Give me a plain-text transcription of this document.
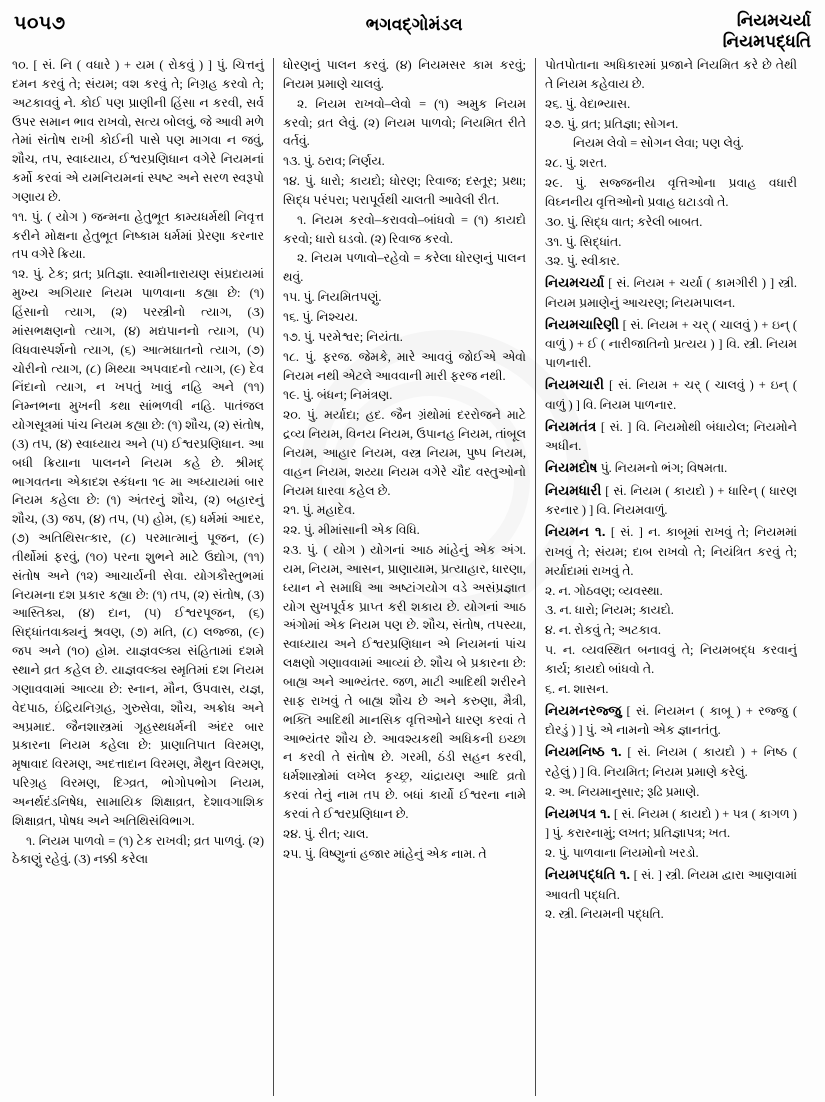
૫૦૫૭	ભગવદ્ગોમંડલ	નિયમચર્યા
નિયમપદ્ધતિ

૧૦. [ સં. નિ ( વધારે ) + યમ ( રોકવું ) ] પું. ચિત્તનું દમન કરવું તે; સંયમ; વશ કરવું તે; નિગ્રહ કરવો તે; અટકાવવું ને. કોઈ પણ પ્રાણીની હિંસા ન કરવી, સર્વ ઉપર સમાન ભાવ રાખવો, સત્ય બોલવું, જે આવી મળે તેમાં સંતોષ રાખી કોઈની પાસે પણ માગવા ન જવું, શૌચ, તપ, સ્વાધ્યાય, ઈશ્વરપ્રણિધાન વગેરે નિયમનાં કર્મો કરવાં એ યમનિયમનાં સ્પષ્ટ અને સરળ સ્વરૂપો ગણાય છે.

૧૧. પું. ( યોગ ) જન્મના હેતુભૂત કામ્યધર્મથી નિવૃત્ત કરીને મોક્ષના હેતુભૂત નિષ્કામ ધર્મમાં પ્રેરણા કરનાર તપ વગેરે ક્રિયા.

૧૨. પું. ટેક; વ્રત; પ્રતિજ્ઞા. સ્વામીનારાયણ સંપ્રદાયમાં મુખ્ય અગિયાર નિયમ પાળવાના કહ્યા છે: (૧) હિંસાનો ત્યાગ, (૨) પરસ્ત્રીનો ત્યાગ, (૩) માંસભક્ષણનો ત્યાગ, (૪) મદ્યપાનનો ત્યાગ, (૫) વિધવાસ્પર્શનો ત્યાગ, (૬) આત્મઘાતનો ત્યાગ, (૭) ચોરીનો ત્યાગ, (૮) મિથ્યા અપવાદનો ત્યાગ, (૯) દેવ નિંદાનો ત્યાગ, ન ખપતું ખાવું નહિ અને (૧૧) નિમ્નભના મુખની કથા સાંભળવી નહિ. પાતંજલ યોગસૂત્રમાં પાંચ નિયમ કહ્યા છે: (૧) શૌચ, (૨) સંતોષ, (૩) તપ, (૪) સ્વાધ્યાય અને (૫) ઈશ્વરપ્રણિધાન. આ બધી ક્રિયાના પાલનને નિયમ કહે છે. શ્રીમદ્ ભાગવતના એકાદશ સ્કંધના ૧૯ મા અધ્યાયમાં બાર નિયમ કહેલા છે: (૧) અંતરનું શૌચ, (૨) બહારનું શૌચ, (૩) જપ, (૪) તપ, (૫) હોમ, (૬) ધર્મમાં આદર, (૭) અતિથિસત્કાર, (૮) પરમાત્માનું પૂજન, (૯) તીર્થોમાં ફરવું, (૧૦) પરના શુભને માટે ઉદ્યોગ, (૧૧) સંતોષ અને (૧૨) આચાર્યની સેવા. યોગકૌસ્તુભમાં નિયમના દશ પ્રકાર કહ્યા છે: (૧) તપ, (૨) સંતોષ, (૩) આસ્તિક્ય, (૪) દાન, (૫) ઈશ્વરપૂજન, (૬) સિદ્ધાંતવાક્યનું શ્રવણ, (૭) મતિ, (૮) લજ્જા, (૯) જપ અને (૧૦) હોમ. યાજ્ઞવલ્ક્ય સંહિતામાં દશમે સ્થાને વ્રત કહેલ છે. યાજ્ઞવલ્ક્ય સ્મૃતિમાં દશ નિયમ ગણાવવામાં આવ્યા છે: સ્નાન, મૌન, ઉપવાસ, યજ્ઞ, વેદપાઠ, ઇંદ્રિયનિગ્રહ, ગુરુસેવા, શૌચ, અક્રોધ અને અપ્રમાદ. જૈનશાસ્ત્રમાં ગૃહસ્થધર્મની અંદર બાર પ્રકારના નિયમ કહેલા છે: પ્રાણાતિપાત વિરમણ, મૃષાવાદ વિરમણ, અદત્તાદાન વિરમણ, મૈથુન વિરમણ, પરિગ્રહ વિરમણ, દિગ્વ્રત, ભોગોપભોગ નિયમ, અનર્થદંડનિષેધ, સામાયિક શિક્ષાવ્રત, દેશાવગાશિક શિક્ષાવ્રત, પોષધ અને અતિથિસંવિભાગ.

૧. નિયમ પાળવો = (૧) ટેક રાખવી; વ્રત પાળવું. (૨) ઠેકાણું રહેવું. (૩) નક્કી કરેલા

ધોરણનું પાલન કરવું. (૪) નિયમસર કામ કરવું; નિયમ પ્રમાણે ચાલવું.

૨. નિયમ રાખવો–લેવો = (૧) અમુક નિયમ કરવો; વ્રત લેવું. (૨) નિયમ પાળવો; નિયમિત રીતે વર્તવું.

૧૩. પું. ઠરાવ; નિર્ણય.

૧૪. પું. ધારો; કાયદો; ધોરણ; રિવાજ; દસ્તૂર; પ્રથા; સિદ્ધ પરંપરા; પરાપૂર્વથી ચાલતી આવેલી રીત.

૧. નિયમ કરવો–કરાવવો–બાંધવો = (૧) કાયદો કરવો; ધારો ઘડવો. (૨) રિવાજ કરવો.

૨. નિયમ પળાવો–રહેવો = કરેલા ધોરણનું પાલન થવું.

૧૫. પું. નિયમિતપણું.

૧૬. પું. નિશ્ચય.

૧૭. પું. પરમેશ્વર; નિયંતા.

૧૮. પું. ફરજ. જેમકે, મારે આવવું જોઈએ એવો નિયમ નથી એટલે આવવાની મારી ફરજ નથી.

૧૯. પું. બંધન; નિમંત્રણ.

૨૦. પું. મર્યાદા; હદ. જૈન ગ્રંથોમાં દરરોજને માટે દ્રવ્ય નિયમ, વિનય નિયમ, ઉપાનહ નિયમ, તાંબૂલ નિયમ, આહાર નિયમ, વસ્ત્ર નિયમ, પુષ્પ નિયમ, વાહન નિયમ, શય્યા નિયમ વગેરે ચૌદ વસ્તુઓનો નિયમ ધારવા કહેલ છે.

૨૧. પું. મહાદેવ.

૨૨. પું. મીમાંસાની એક વિધિ.

૨૩. પું. ( યોગ ) યોગનાં આઠ માંહેનું એક અંગ. યમ, નિયમ, આસન, પ્રાણાયામ, પ્રત્યાહાર, ધારણા, ધ્યાન ને સમાધિ આ અષ્ટાંગયોગ વડે અસંપ્રજ્ઞાત યોગ સુખપૂર્વક પ્રાપ્ત કરી શકાય છે. યોગનાં આઠ અંગોમાં એક નિયમ પણ છે. શૌચ, સંતોષ, તપસ્યા, સ્વાધ્યાય અને ઈશ્વરપ્રણિધાન એ નિયમનાં પાંચ લક્ષણો ગણાવવામાં આવ્યાં છે. શૌચ બે પ્રકારના છે: બાહ્ય અને આભ્યંતર. જળ, માટી આદિથી શરીરને સાફ રાખવું તે બાહ્ય શૌચ છે અને કરુણા, મૈત્રી, ભક્તિ આદિથી માનસિક વૃત્તિઓને ધારણ કરવાં તે આભ્યંતર શૌચ છે. આવશ્યકથી અધિકની ઇચ્છા ન કરવી તે સંતોષ છે. ગરમી, ઠંડી સહન કરવી, ધર્મશાસ્ત્રોમાં લખેલ કૃચ્છ્ર, ચાંદ્રાયણ આદિ વ્રતો કરવાં તેનું નામ તપ છે. બધાં કાર્યો ઈશ્વરના નામે કરવાં તે ઈશ્વરપ્રણિધાન છે.

૨૪. પું. રીત; ચાલ.

૨૫. પું. વિષ્ણુનાં હજાર માંહેનું એક નામ. તે

પોતપોતાના અધિકારમાં પ્રજાને નિયમિત કરે છે તેથી તે નિયમ કહેવાય છે.

૨૬. પું. વેદાભ્યાસ.

૨૭. પું. વ્રત; પ્રતિજ્ઞા; સોગન.

નિયમ લેવો = સોગન લેવા; પણ લેવું.

૨૮. પું. શરત.

૨૯. પું. સજ્જનીય વૃત્તિઓના પ્રવાહ વધારી વિઘ્નનીય વૃત્તિઓનો પ્રવાહ ઘટાડવો તે.

૩૦. પું. સિદ્ધ વાત; કરેલી બાબત.

૩૧. પું. સિદ્ધાંત.

૩૨. પું. સ્વીકાર.

નિયમચર્યા [ સં. નિયમ + ચર્યા ( કામગીરી ) ] સ્ત્રી. નિયમ પ્રમાણેનું આચરણ; નિયમપાલન.

નિયમચારિણી [ સં. નિયમ + ચર્ ( ચાલવું ) + ઇન્ ( વાળું ) + ઈ ( નારીજાતિનો પ્રત્યય ) ] વિ. સ્ત્રી. નિયમ પાળનારી.

નિયમચારી [ સં. નિયમ + ચર્ ( ચાલવું ) + ઇન્ ( વાળું ) ] વિ. નિયમ પાળનાર.

નિયમતંત્ર [ સં. ] વિ. નિયમોથી બંધાયેલ; નિયમોને અધીન.

નિયમદોષ પું. નિયમનો ભંગ; વિષમતા.

નિયમધારી [ સં. નિયમ ( કાયદો ) + ધારિન્ ( ધારણ કરનાર ) ] વિ. નિયમવાળું.

નિયમન ૧. [ સં. ] ન. કાબૂમાં રાખવું તે; નિયમમાં રાખવું તે; સંયમ; દાબ રાખવો તે; નિયંત્રિત કરવું તે; મર્યાદામાં રાખવું તે.

૨. ન. ગોઠવણ; વ્યવસ્થા.

૩. ન. ધારો; નિયમ; કાયદો.

૪. ન. રોકવું તે; અટકાવ.

૫. ન. વ્યવસ્થિત બનાવવું તે; નિયમબદ્ધ કરવાનું કાર્ય; કાયદો બાંધવો તે.

૬. ન. શાસન.

નિયમનરજ્જુ [ સં. નિયમન ( કાબૂ ) + રજ્જુ ( દોરડું ) ] પું. એ નામનો એક જ્ઞાનતંતુ.

નિયમનિષ્ઠ ૧. [ સં. નિયમ ( કાયદો ) + નિષ્ઠ ( રહેલું ) ] વિ. નિયમિત; નિયમ પ્રમાણે કરેલું.

૨. અ. નિયમાનુસાર; રૂઢિ પ્રમાણે.

નિયમપત્ર ૧. [ સં. નિયમ ( કાયદો ) + પત્ર ( કાગળ ) ] પું. કરારનામું; લખત; પ્રતિજ્ઞાપત્ર; ખત.

૨. પું. પાળવાના નિયમોનો ખરડો.

નિયમપદ્ધતિ ૧. [ સં. ] સ્ત્રી. નિયમ દ્વારા આણવામાં આવતી પદ્ધતિ.

૨. સ્ત્રી. નિયમની પદ્ધતિ.
